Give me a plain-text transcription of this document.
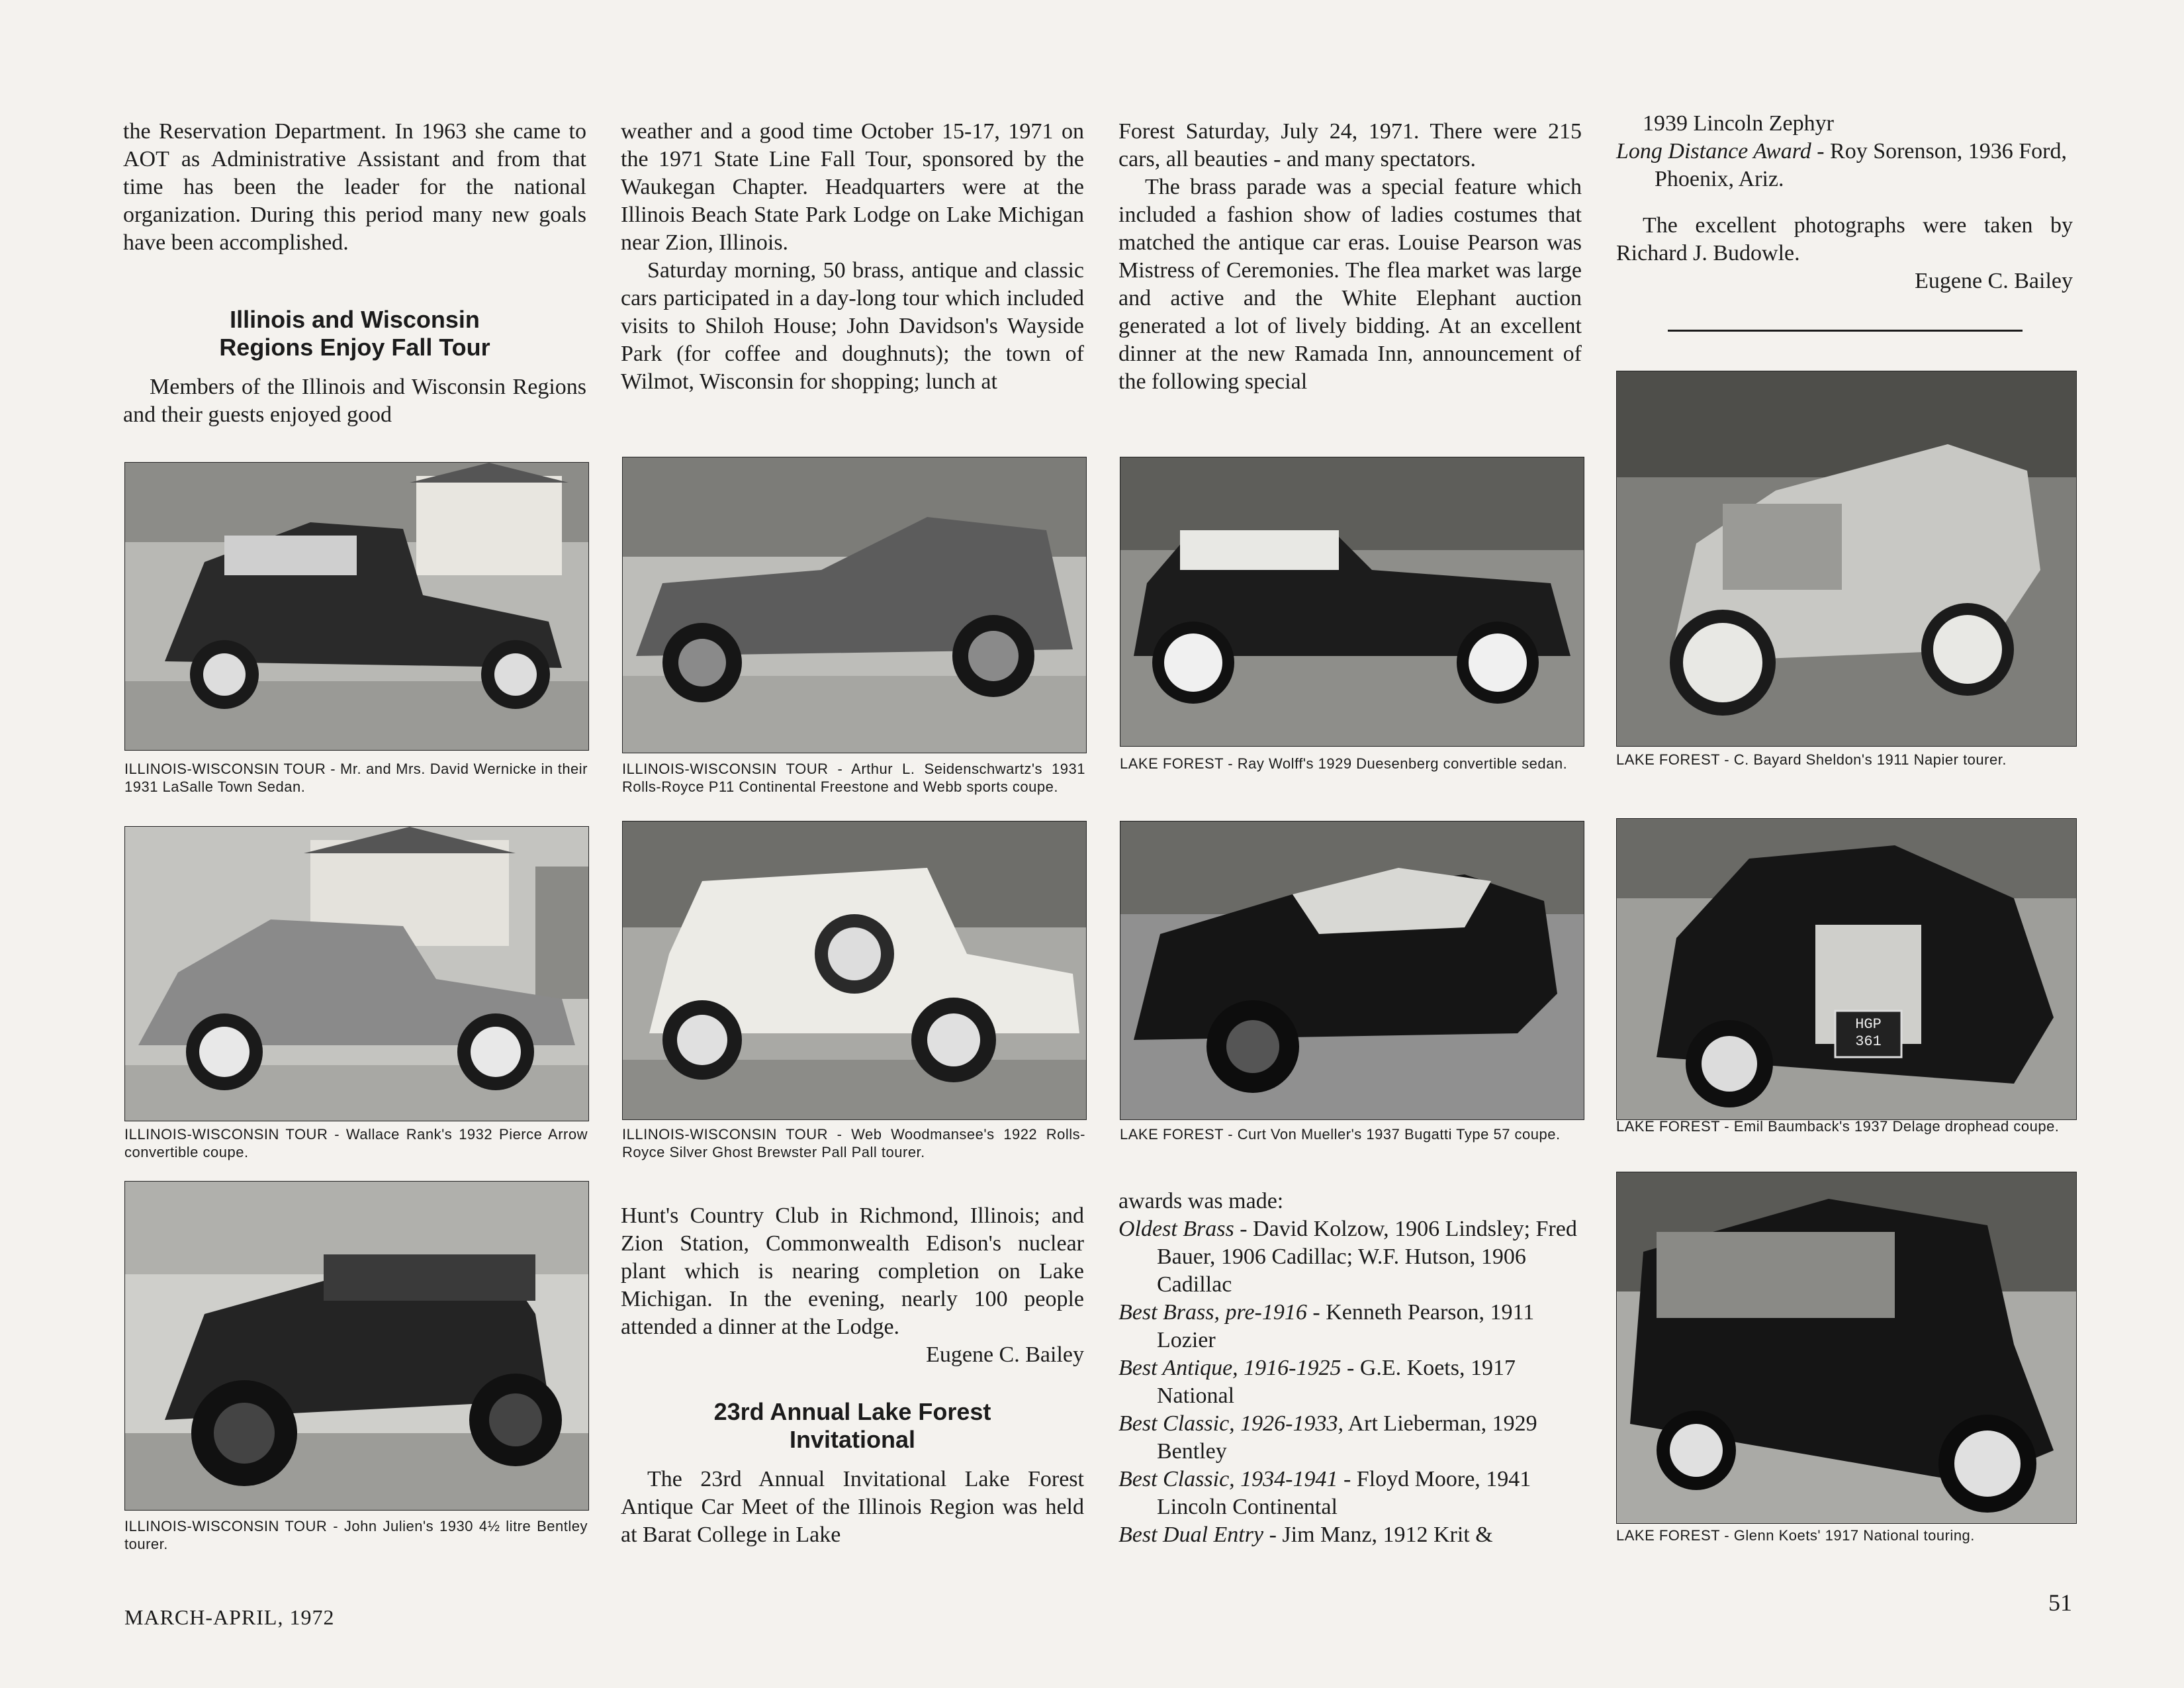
the Reservation Department. In 1963 she came to AOT as Administrative Assistant and from that time has been the leader for the national organization. During this period many new goals have been accomplished.

Illinois and Wisconsin Regions Enjoy Fall Tour

Members of the Illinois and Wisconsin Regions and their guests enjoyed good

ILLINOIS-WISCONSIN TOUR - Mr. and Mrs. David Wernicke in their 1931 LaSalle Town Sedan.

ILLINOIS-WISCONSIN TOUR - Wallace Rank's 1932 Pierce Arrow convertible coupe.

ILLINOIS-WISCONSIN TOUR - John Julien's 1930 4½ litre Bentley tourer.

weather and a good time October 15-17, 1971 on the 1971 State Line Fall Tour, sponsored by the Waukegan Chapter. Headquarters were at the Illinois Beach State Park Lodge on Lake Michigan near Zion, Illinois.

Saturday morning, 50 brass, antique and classic cars participated in a day-long tour which included visits to Shiloh House; John Davidson's Wayside Park (for coffee and doughnuts); the town of Wilmot, Wisconsin for shopping; lunch at

ILLINOIS-WISCONSIN TOUR - Arthur L. Seidenschwartz's 1931 Rolls-Royce P11 Continental Freestone and Webb sports coupe.

ILLINOIS-WISCONSIN TOUR - Web Woodmansee's 1922 Rolls-Royce Silver Ghost Brewster Pall Pall tourer.

Hunt's Country Club in Richmond, Illinois; and Zion Station, Commonwealth Edison's nuclear plant which is nearing completion on Lake Michigan. In the evening, nearly 100 people attended a dinner at the Lodge.

Eugene C. Bailey

23rd Annual Lake Forest Invitational

The 23rd Annual Invitational Lake Forest Antique Car Meet of the Illinois Region was held at Barat College in Lake

Forest Saturday, July 24, 1971. There were 215 cars, all beauties - and many spectators.

The brass parade was a special feature which included a fashion show of ladies costumes that matched the antique car eras. Louise Pearson was Mistress of Ceremonies. The flea market was large and active and the White Elephant auction generated a lot of lively bidding. At an excellent dinner at the new Ramada Inn, announcement of the following special

LAKE FOREST - Ray Wolff's 1929 Duesenberg convertible sedan.

LAKE FOREST - Curt Von Mueller's 1937 Bugatti Type 57 coupe.

awards was made:

Oldest Brass - David Kolzow, 1906 Lindsley; Fred Bauer, 1906 Cadillac; W.F. Hutson, 1906 Cadillac

Best Brass, pre-1916 - Kenneth Pearson, 1911 Lozier

Best Antique, 1916-1925 - G.E. Koets, 1917 National

Best Classic, 1926-1933, Art Lieberman, 1929 Bentley

Best Classic, 1934-1941 - Floyd Moore, 1941 Lincoln Continental

Best Dual Entry - Jim Manz, 1912 Krit &

1939 Lincoln Zephyr

Long Distance Award - Roy Sorenson, 1936 Ford, Phoenix, Ariz.

The excellent photographs were taken by Richard J. Budowle.

Eugene C. Bailey

LAKE FOREST - C. Bayard Sheldon's 1911 Napier tourer.

HGP 361

LAKE FOREST - Emil Baumback's 1937 Delage drophead coupe.

LAKE FOREST - Glenn Koets' 1917 National touring.

MARCH-APRIL, 1972
51
